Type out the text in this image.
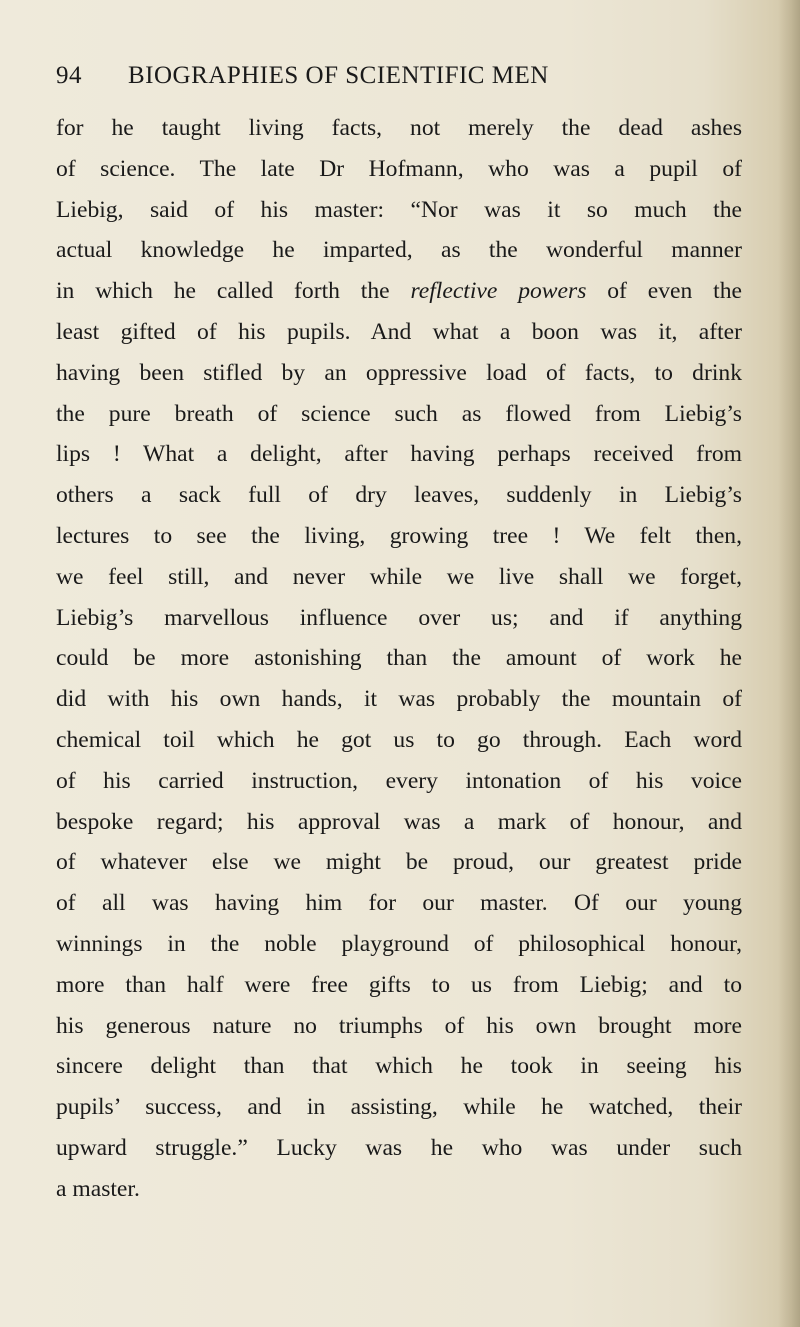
94 BIOGRAPHIES OF SCIENTIFIC MEN
for he taught living facts, not merely the dead ashes
of science. The late Dr Hofmann, who was a pupil of
Liebig, said of his master: “Nor was it so much the
actual knowledge he imparted, as the wonderful manner
in which he called forth the reflective powers of even the
least gifted of his pupils. And what a boon was it, after
having been stifled by an oppressive load of facts, to drink
the pure breath of science such as flowed from Liebig’s
lips ! What a delight, after having perhaps received from
others a sack full of dry leaves, suddenly in Liebig’s
lectures to see the living, growing tree ! We felt then,
we feel still, and never while we live shall we forget,
Liebig’s marvellous influence over us; and if anything
could be more astonishing than the amount of work he
did with his own hands, it was probably the mountain of
chemical toil which he got us to go through. Each word
of his carried instruction, every intonation of his voice
bespoke regard; his approval was a mark of honour, and
of whatever else we might be proud, our greatest pride
of all was having him for our master. Of our young
winnings in the noble playground of philosophical honour,
more than half were free gifts to us from Liebig; and to
his generous nature no triumphs of his own brought more
sincere delight than that which he took in seeing his
pupils’ success, and in assisting, while he watched, their
upward struggle.” Lucky was he who was under such
a master.
